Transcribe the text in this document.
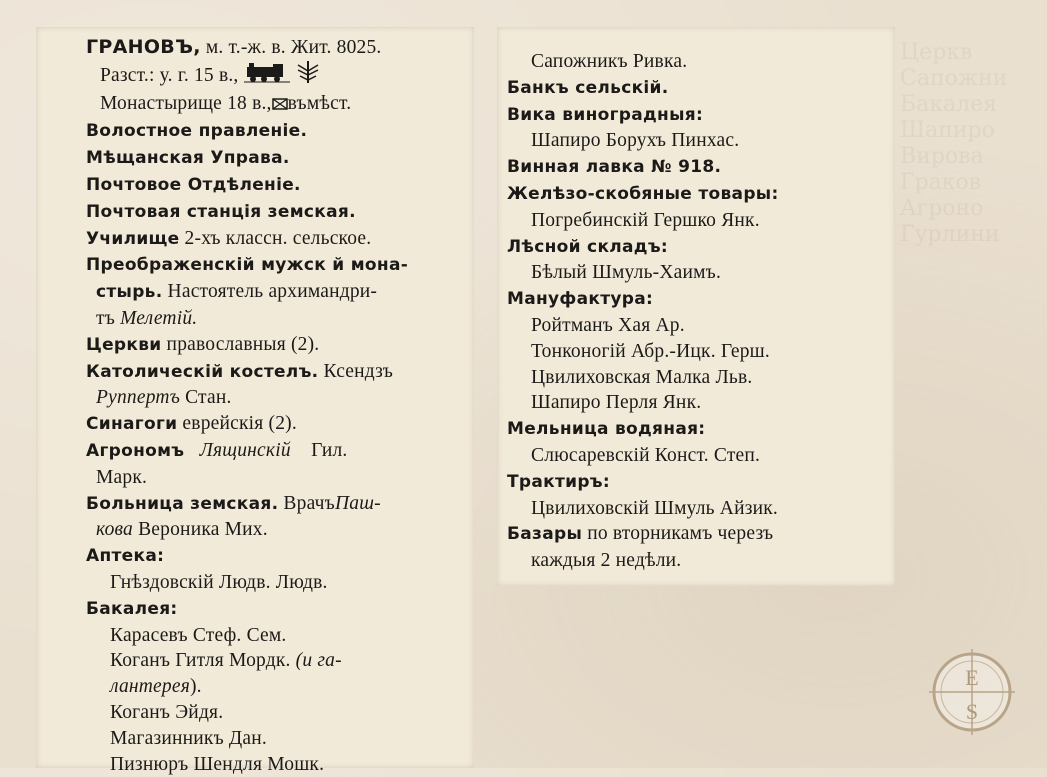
Церкв
Сапожни
Бакалея
Шапиро
Вирова
Граков
Агроно
Гурлини

ГРАНОВЪ, м. т.-ж. в. Жит. 8025.

Разст.: у. г. 15 в.,

Монастырище 18 в., въмѣст.

Волостное правленіе.

Мѣщанская Управа.

Почтовое Отдѣленіе.

Почтовая станція земская.

Училище 2-хъ классн. сельское.

Преображенскій мужск й мона-
стырь. Настоятель архимандри-
тъ Мелетій.

Церкви православныя (2).

Католическій костелъ. Ксендзъ
Руппертъ Стан.

Синагоги еврейскія (2).

Агрономъ Лящинскій    Гил.
Марк.

Больница земская. ВрачъПaш-
кова Вероника Мих.

Аптека:

Гнѣздовскій Людв. Людв.

Бакалея:

Карасевъ Стеф. Сем.

Коганъ Гитля Мордк. (и га-

лантерея).

Коганъ Эйдя.

Магазинникъ Дан.

Пизнюръ Шендля Мошк.

Сапожникъ Ривка.

Банкъ сельскій.

Вика виноградныя:

Шапиро Борухъ Пинхас.

Винная лавка № 918.

Желѣзо-скобяные товары:

Погребинскій Гершко Янк.

Лѣсной складъ:

Бѣлый Шмуль-Хаимъ.

Мануфактура:

Ройтманъ Хая Ар.

Тонконогій Абр.-Ицк. Герш.

Цвилиховская Малка Льв.

Шапиро Перля Янк.

Мельница водяная:

Слюсаревскій Конст. Степ.

Трактиръ:

Цвилиховскій Шмуль Айзик.

Базары по вторникамъ черезъ
каждыя 2 недѣли.

E
S
